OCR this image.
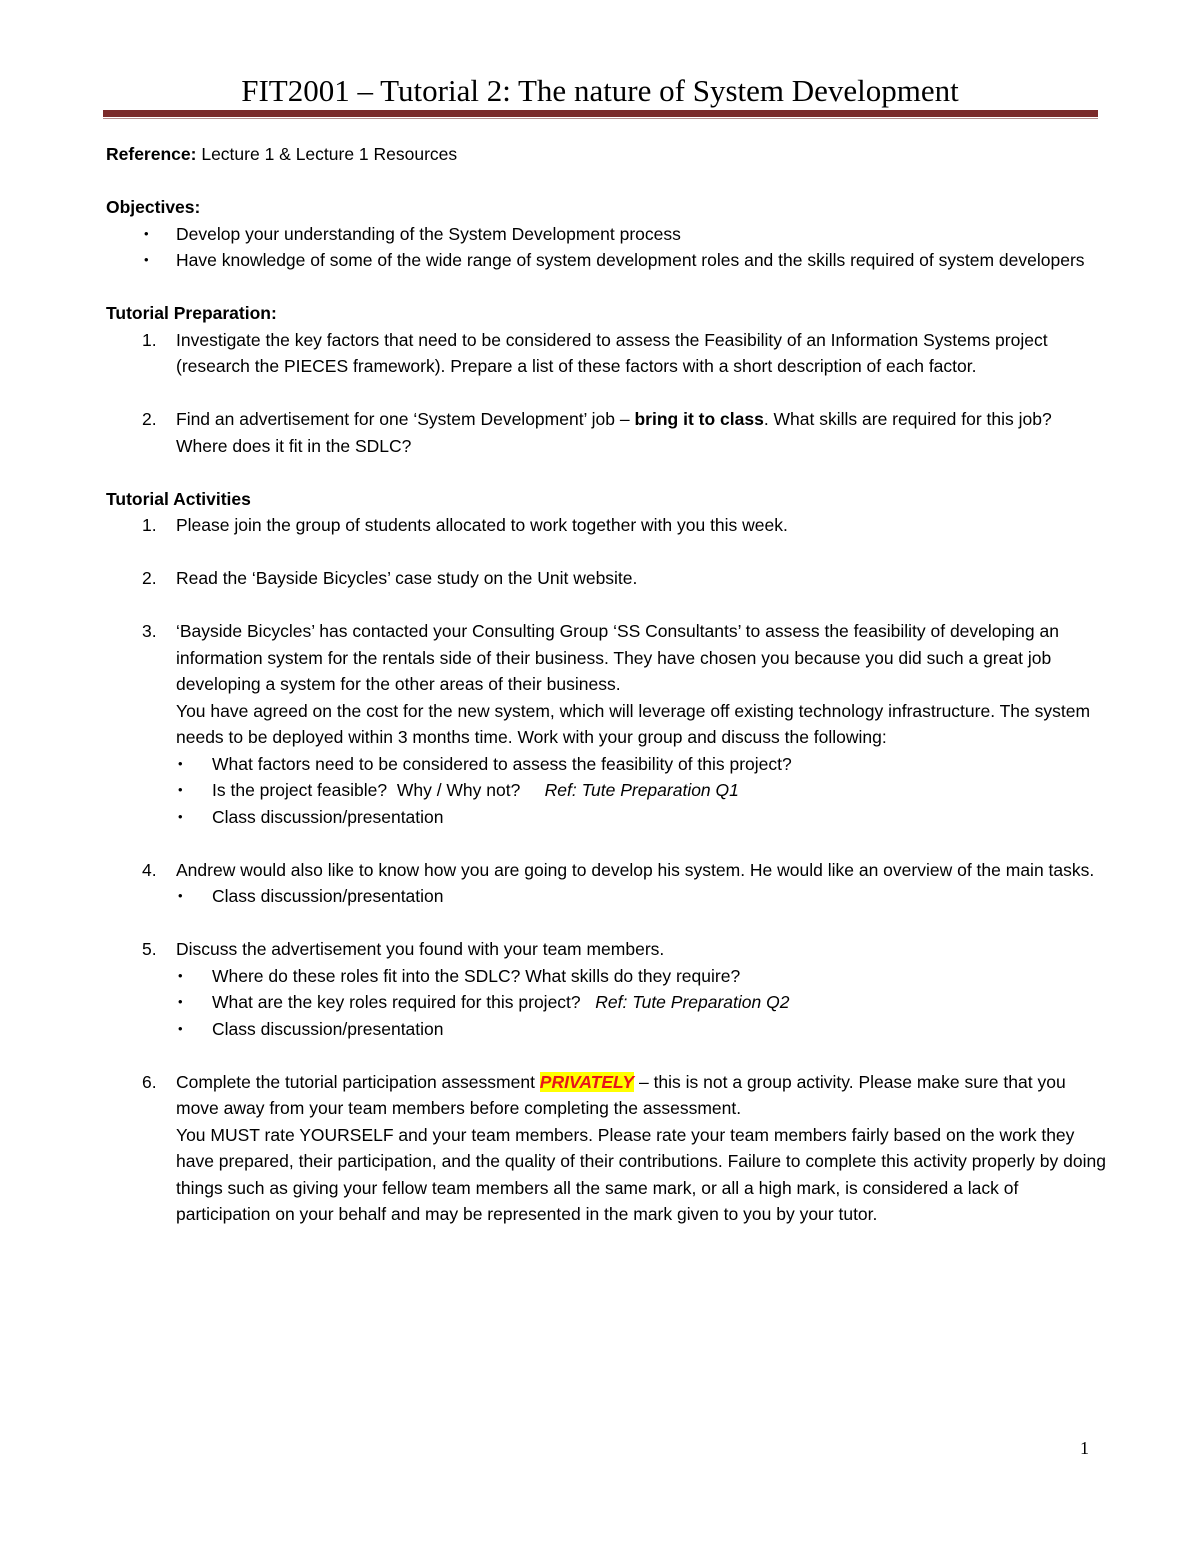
FIT2001 – Tutorial 2: The nature of System Development

Reference: Lecture 1 & Lecture 1 Resources

Objectives:

• Develop your understanding of the System Development process
• Have knowledge of some of the wide range of system development roles and the skills required of system developers

Tutorial Preparation:

1. Investigate the key factors that need to be considered to assess the Feasibility of an Information Systems project (research the PIECES framework). Prepare a list of these factors with a short description of each factor.
2. Find an advertisement for one ‘System Development’ job – bring it to class. What skills are required for this job? Where does it fit in the SDLC?

Tutorial Activities

1. Please join the group of students allocated to work together with you this week.
2. Read the ‘Bayside Bicycles’ case study on the Unit website.
3. ‘Bayside Bicycles’ has contacted your Consulting Group ‘SS Consultants’ to assess the feasibility of developing an information system for the rentals side of their business. They have chosen you because you did such a great job developing a system for the other areas of their business.
You have agreed on the cost for the new system, which will leverage off existing technology infrastructure. The system needs to be deployed within 3 months time. Work with your group and discuss the following:
• What factors need to be considered to assess the feasibility of this project?
• Is the project feasible?  Why / Why not?     Ref: Tute Preparation Q1
• Class discussion/presentation
4. Andrew would also like to know how you are going to develop his system. He would like an overview of the main tasks.
• Class discussion/presentation
5. Discuss the advertisement you found with your team members.
• Where do these roles fit into the SDLC? What skills do they require?
• What are the key roles required for this project?   Ref: Tute Preparation Q2
• Class discussion/presentation
6. Complete the tutorial participation assessment PRIVATELY – this is not a group activity. Please make sure that you move away from your team members before completing the assessment.
You MUST rate YOURSELF and your team members. Please rate your team members fairly based on the work they have prepared, their participation, and the quality of their contributions. Failure to complete this activity properly by doing things such as giving your fellow team members all the same mark, or all a high mark, is considered a lack of participation on your behalf and may be represented in the mark given to you by your tutor.
1
